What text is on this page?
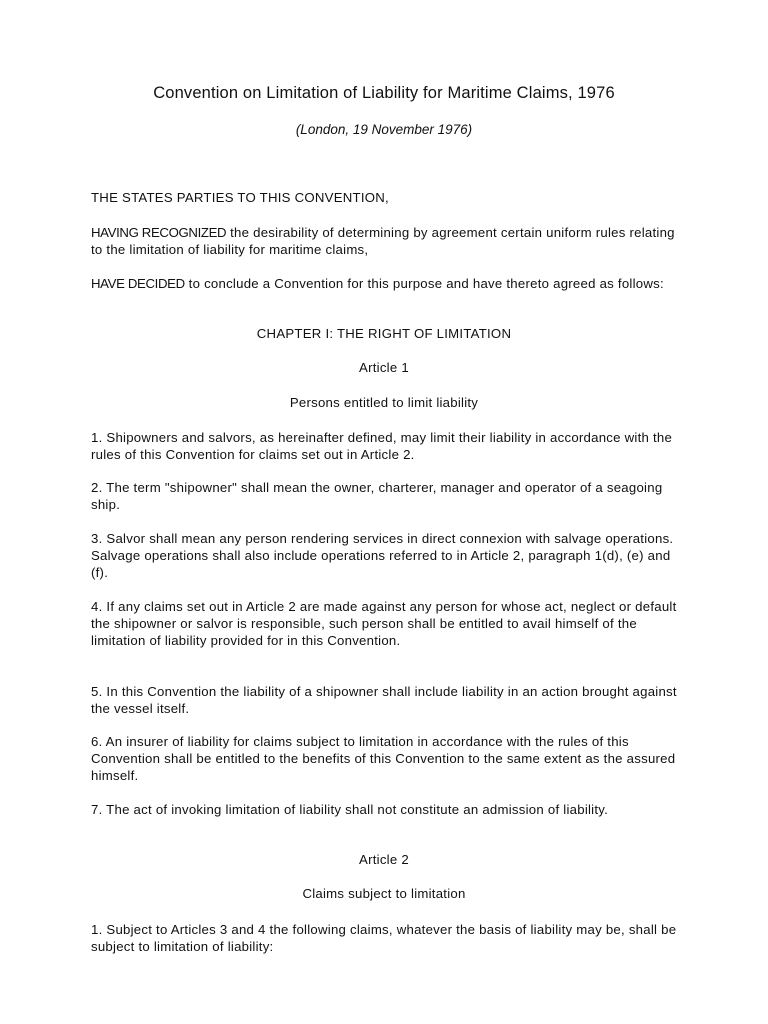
Convention on Limitation of Liability for Maritime Claims, 1976

(London, 19 November 1976)

THE STATES PARTIES TO THIS CONVENTION,

HAVING RECOGNIZED the desirability of determining by agreement certain uniform rules relating to the limitation of liability for maritime claims,

HAVE DECIDED to conclude a Convention for this purpose and have thereto agreed as follows:

CHAPTER I: THE RIGHT OF LIMITATION

Article 1

Persons entitled to limit liability

1. Shipowners and salvors, as hereinafter defined, may limit their liability in accordance with the rules of this Convention for claims set out in Article 2.

2. The term "shipowner" shall mean the owner, charterer, manager and operator of a seagoing ship.

3. Salvor shall mean any person rendering services in direct connexion with salvage operations. Salvage operations shall also include operations referred to in Article 2, paragraph 1(d), (e) and (f).

4. If any claims set out in Article 2 are made against any person for whose act, neglect or default the shipowner or salvor is responsible, such person shall be entitled to avail himself of the limitation of liability provided for in this Convention.

5. In this Convention the liability of a shipowner shall include liability in an action brought against the vessel itself.

6. An insurer of liability for claims subject to limitation in accordance with the rules of this Convention shall be entitled to the benefits of this Convention to the same extent as the assured himself.

7. The act of invoking limitation of liability shall not constitute an admission of liability.

Article 2

Claims subject to limitation

1. Subject to Articles 3 and 4 the following claims, whatever the basis of liability may be, shall be subject to limitation of liability:
